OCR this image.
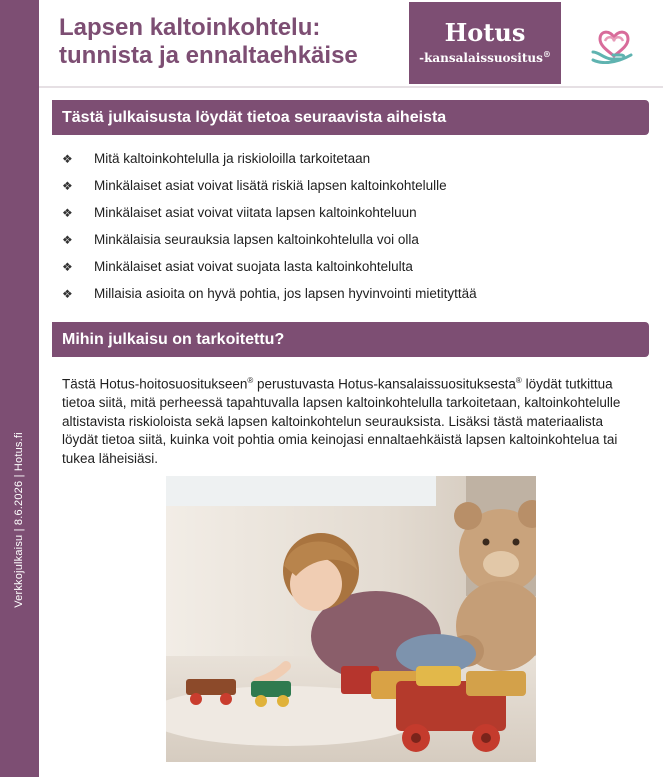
Verkkojulkaisu | 8.6.2026 | Hotus.fi
Lapsen kaltoinkohtelu:
tunnista ja ennaltaehkäise
Hotus
-kansalaissuositus®
Tästä julkaisusta löydät tietoa seuraavista aiheista
❖ Mitä kaltoinkohtelulla ja riskioloilla tarkoitetaan
❖ Minkälaiset asiat voivat lisätä riskiä lapsen kaltoinkohtelulle
❖ Minkälaiset asiat voivat viitata lapsen kaltoinkohteluun
❖ Minkälaisia seurauksia lapsen kaltoinkohtelulla voi olla
❖ Minkälaiset asiat voivat suojata lasta kaltoinkohtelulta
❖ Millaisia asioita on hyvä pohtia, jos lapsen hyvinvointi mietityttää
Mihin julkaisu on tarkoitettu?

Tästä Hotus-hoitosuositukseen® perustuvasta Hotus-kansalaissuosituksesta® löydät tutkittua tietoa siitä, mitä perheessä tapahtuvalla lapsen kaltoinkohtelulla tarkoitetaan, kaltoinkohtelulle altistavista riskioloista sekä lapsen kaltoinkohtelun seurauksista. Lisäksi tästä materiaalista löydät tietoa siitä, kuinka voit pohtia omia keinojasi ennaltaehkäistä lapsen kaltoinkohtelua tai tukea läheisiäsi.
